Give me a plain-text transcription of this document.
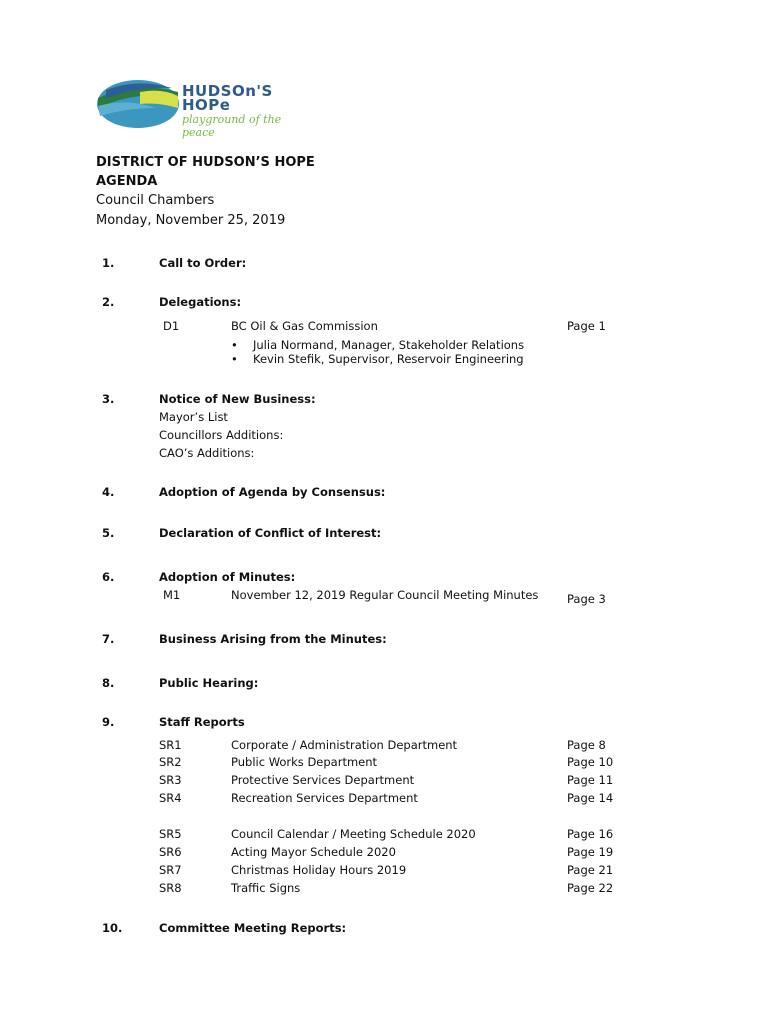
HUDSOn'S
HOPe
playground of the peace
DISTRICT OF HUDSON’S HOPE
AGENDA
Council Chambers
Monday, November 25, 2019
1.	Call to Order:
2.	Delegations:
D1	BC Oil & Gas Commission	Page 1
• Julia Normand, Manager, Stakeholder Relations
• Kevin Stefik, Supervisor, Reservoir Engineering
3.	Notice of New Business:
Mayor’s List
Councillors Additions:
CAO’s Additions:
4.	Adoption of Agenda by Consensus:
5.	Declaration of Conflict of Interest:
6.	Adoption of Minutes:
M1	November 12, 2019 Regular Council Meeting Minutes Page 3
7.	Business Arising from the Minutes:
8.	Public Hearing:
9.	Staff Reports
SR1	Corporate / Administration Department	Page 8
SR2	Public Works Department	Page 10
SR3	Protective Services Department	Page 11
SR4	Recreation Services Department	Page 14
SR5	Council Calendar / Meeting Schedule 2020	Page 16
SR6	Acting Mayor Schedule 2020	Page 19
SR7	Christmas Holiday Hours 2019	Page 21
SR8	Traffic Signs	Page 22
10.	Committee Meeting Reports:
